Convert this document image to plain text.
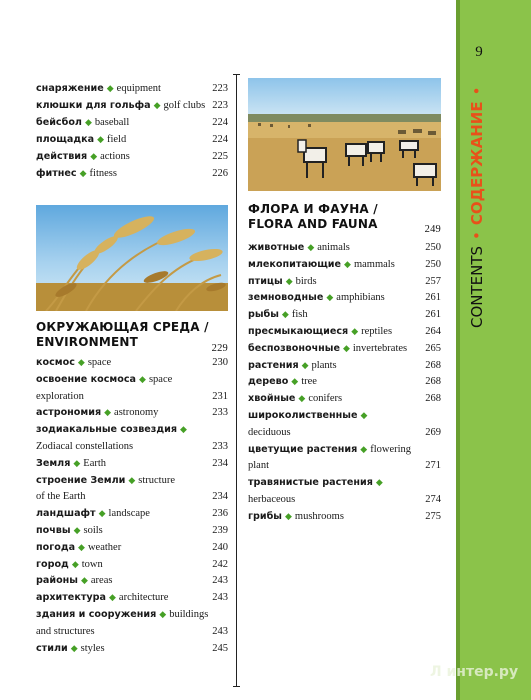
снаряжение ◆ equipment	223
клюшки для гольфа ◆ golf clubs 223
бейсбол ◆ baseball	224
площадка ◆ field	224
действия ◆ actions	225
фитнес ◆ fitness	226
ОКРУЖАЮЩАЯ СРЕДА /
ENVIRONMENT	229
космос ◆ space	230
освоение космоса ◆ space
exploration	231
астрономия ◆ astronomy	233
зодиакальные созвездия ◆
Zodiacal constellations	233
Земля ◆ Earth	234
строение Земли ◆ structure
of the Earth	234
ландшафт ◆ landscape	236
почвы ◆ soils	239
погода ◆ weather	240
город ◆ town	242
районы ◆ areas	243
архитектура ◆ architecture	243
здания и сооружения ◆ buildings
and structures	243
стили ◆ styles	245
ФЛОРА И ФАУНА /
FLORA AND FAUNA	249
животные ◆ animals	250
млекопитающие ◆ mammals	250
птицы ◆ birds	257
земноводные ◆ amphibians	261
рыбы ◆ fish	261
пресмыкающиеся ◆ reptiles	264
беспозвоночные ◆ invertebrates 265
растения ◆ plants	268
дерево ◆ tree	268
хвойные ◆ conifers	268
широколиственные ◆
deciduous	269
цветущие растения ◆ flowering
plant	271
травянистые растения ◆
herbaceous	274
грибы ◆ mushrooms	275
9
CONTENTS•СОДЕРЖАНИЕ•
Л интер.ру
